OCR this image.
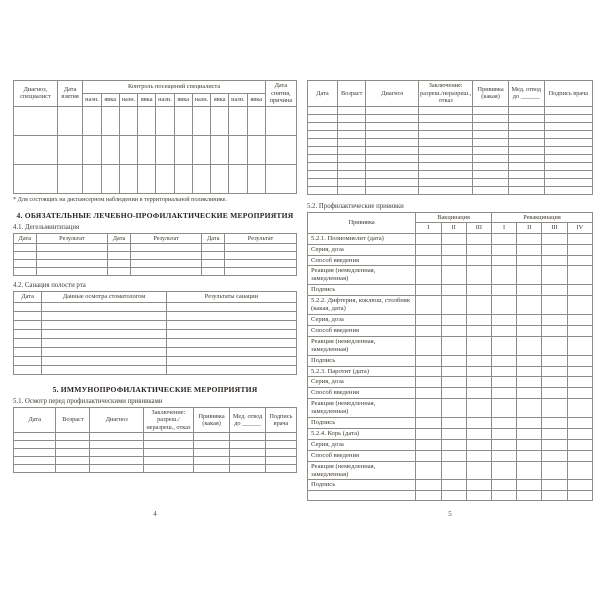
Диагноз, специалист	Дата взятия	Контроль посещений специалиста										Дата снятия, причина
		назн.	явка	назн.	явка	назн.	явка	назн.	явка	назн.	явка	

* Для состоящих на диспансерном наблюдении в территориальной поликлинике.
4. ОБЯЗАТЕЛЬНЫЕ ЛЕЧЕБНО-ПРОФИЛАКТИЧЕСКИЕ МЕРОПРИЯТИЯ
4.1. Дегельминтизация
Дата	Результат	Дата	Результат	Дата	Результат

4.2. Санация полости рта
Дата	Данные осмотра стоматологом	Результаты санации

5. ИММУНОПРОФИЛАКТИЧЕСКИЕ МЕРОПРИЯТИЯ
5.1. Осмотр перед профилактическими прививками
Дата	Возраст	Диагноз	Заключение: разреш./неразреш., отказ	Прививка (какая)	Мед. отвод до ______	Подпись врача

4
Дата	Возраст	Диагноз	Заключение: разреш./неразреш., отказ	Прививка (какая)	Мед. отвод до ______	Подпись врача

5.2. Профилактические прививки
Прививка	Вакцинация			Ревакцинация			
	I	II	III	I	II	III	IV
5.2.1. Полиомиелит (дата)							
Серия, доза							
Способ введения							
Реакция (немедленная, замедленная)							
Подпись							
5.2.2. Дифтерия, коклюш, столбняк (какая, дата)							
Серия, доза							
Способ введения							
Реакция (немедленная, замедленная)							
Подпись							
5.2.3. Паротит (дата)							
Серия, доза							
Способ введения							
Реакция (немедленная, замедленная)							
Подпись							
5.2.4. Корь (дата)							
Серия, доза							
Способ введения							
Реакция (немедленная, замедленная)							
Подпись							

5
